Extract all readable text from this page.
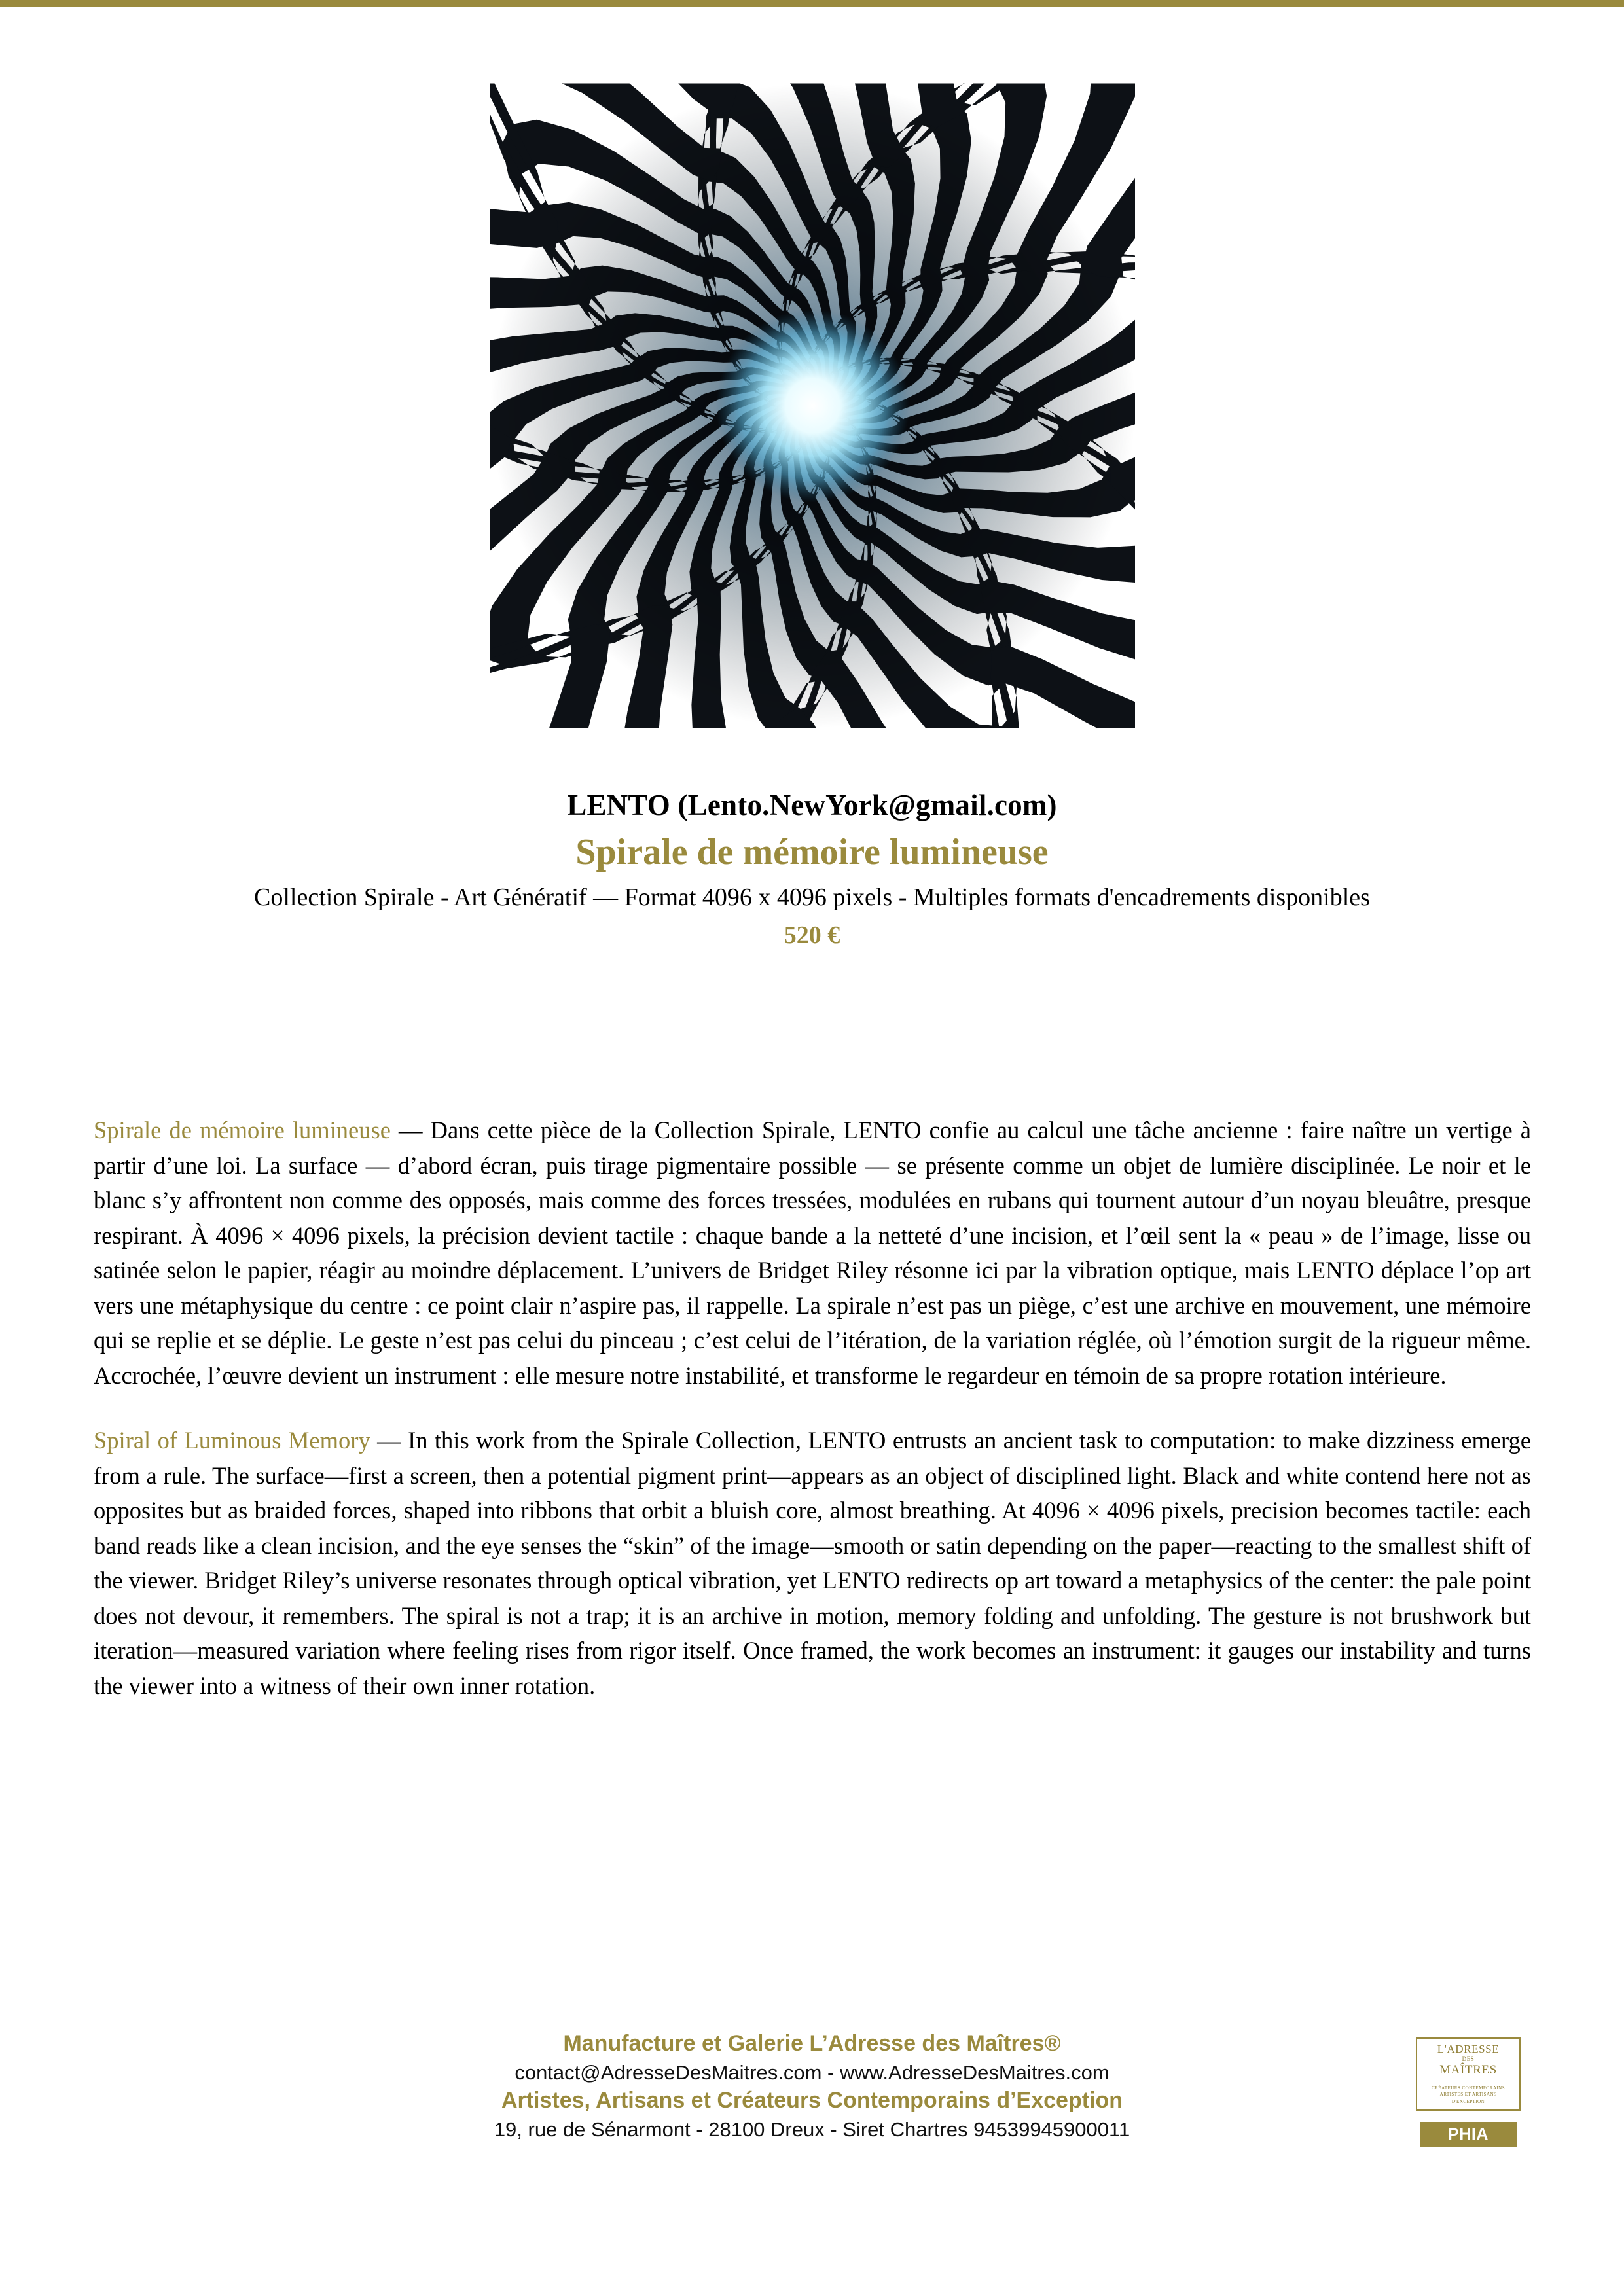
LENTO (Lento.NewYork@gmail.com)
Spirale de mémoire lumineuse
Collection Spirale - Art Génératif — Format 4096 x 4096 pixels - Multiples formats d'encadrements disponibles
520 €

Spirale de mémoire lumineuse — Dans cette pièce de la Collection Spirale, LENTO confie au calcul une tâche ancienne : faire naître un vertige à partir d’une loi. La surface — d’abord écran, puis tirage pigmentaire possible — se présente comme un objet de lumière disciplinée. Le noir et le blanc s’y affrontent non comme des opposés, mais comme des forces tressées, modulées en rubans qui tournent autour d’un noyau bleuâtre, presque respirant. À 4096 × 4096 pixels, la précision devient tactile : chaque bande a la netteté d’une incision, et l’œil sent la « peau » de l’image, lisse ou satinée selon le papier, réagir au moindre déplacement. L’univers de Bridget Riley résonne ici par la vibration optique, mais LENTO déplace l’op art vers une métaphysique du centre : ce point clair n’aspire pas, il rappelle. La spirale n’est pas un piège, c’est une archive en mouvement, une mémoire qui se replie et se déplie. Le geste n’est pas celui du pinceau ; c’est celui de l’itération, de la variation réglée, où l’émotion surgit de la rigueur même. Accrochée, l’œuvre devient un instrument : elle mesure notre instabilité, et transforme le regardeur en témoin de sa propre rotation intérieure.

Spiral of Luminous Memory — In this work from the Spirale Collection, LENTO entrusts an ancient task to computation: to make dizziness emerge from a rule. The surface—first a screen, then a potential pigment print—appears as an object of disciplined light. Black and white contend here not as opposites but as braided forces, shaped into ribbons that orbit a bluish core, almost breathing. At 4096 × 4096 pixels, precision becomes tactile: each band reads like a clean incision, and the eye senses the “skin” of the image—smooth or satin depending on the paper—reacting to the smallest shift of the viewer. Bridget Riley’s universe resonates through optical vibration, yet LENTO redirects op art toward a metaphysics of the center: the pale point does not devour, it remembers. The spiral is not a trap; it is an archive in motion, memory folding and unfolding. The gesture is not brushwork but iteration—measured variation where feeling rises from rigor itself. Once framed, the work becomes an instrument: it gauges our instability and turns the viewer into a witness of their own inner rotation.

Manufacture et Galerie L’Adresse des Maîtres®
contact@AdresseDesMaitres.com - www.AdresseDesMaitres.com
Artistes, Artisans et Créateurs Contemporains d’Exception
19, rue de Sénarmont - 28100 Dreux - Siret Chartres 94539945900011
L'ADRESSE
DES
MAÎTRES
CRÉATEURS CONTEMPORAINS
ARTISTES ET ARTISANS
D'EXCEPTION
PHIA
